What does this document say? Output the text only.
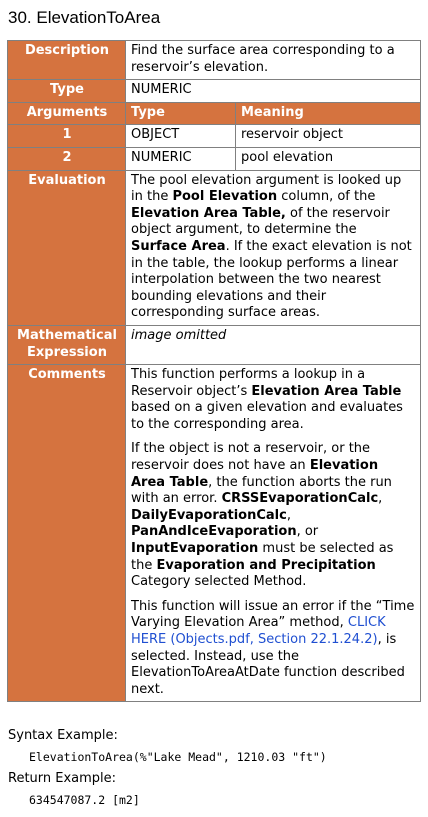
30. ElevationToArea
Description	Find the surface area corresponding to a reservoir’s elevation.	
Type	NUMERIC	
Arguments	Type	Meaning
1	OBJECT	reservoir object
2	NUMERIC	pool elevation
Evaluation	The pool elevation argument is looked up in the Pool Elevation column, of the Elevation Area Table, of the reservoir object argument, to determine the Surface Area. If the exact elevation is not in the table, the lookup performs a linear interpolation between the two nearest bounding elevations and their corresponding surface areas.	
Mathematical Expression	image omitted	
Comments	This function performs a lookup in a Reservoir object’s Elevation Area Table based on a given elevation and evaluates to the corresponding area.
If the object is not a reservoir, or the reservoir does not have an Elevation Area Table, the function aborts the run with an error. CRSSEvaporationCalc, DailyEvaporationCalc, PanAndIceEvaporation, or InputEvaporation must be selected as the Evaporation and Precipitation Category selected Method.
This function will issue an error if the “Time Varying Elevation Area” method, CLICK HERE (Objects.pdf, Section 22.1.24.2), is selected. Instead, use the ElevationToAreaAtDate function described next.	
Syntax Example:
ElevationToArea(%"Lake Mead", 1210.03 "ft")
Return Example:
634547087.2 [m2]
